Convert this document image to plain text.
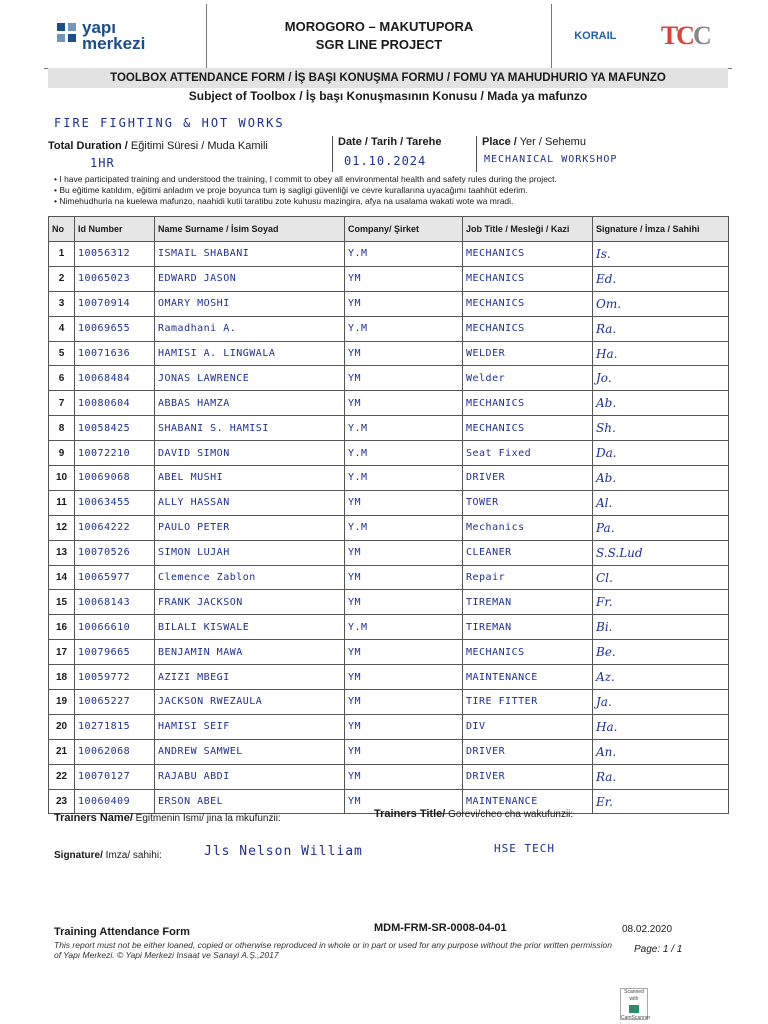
yapı
merkezi
MOROGORO – MAKUTUPORA
SGR LINE PROJECT
KORAIL TCC
TOOLBOX ATTENDANCE FORM / İŞ BAŞI KONUŞMA FORMU / FOMU YA MAHUDHURIO YA MAFUNZO
Subject of Toolbox / İş başı Konuşmasının Konusu / Mada ya mafunzo
FIRE FIGHTING & HOT WORKS
Total Duration / Eğitimi Süresi / Muda Kamili
1HR
Date / Tarih / Tarehe
01.10.2024
Place / Yer / Sehemu
MECHANICAL WORKSHOP
• I have participated training and understood the training, I commit to obey all environmental health and safety rules during the project.
• Bu eğitime katıldım, eğitimi anladım ve proje boyunca tum iş sagligi güvenliği ve cevre kurallarına uyacağımı taahhüt ederim.
• Nimehudhuria na kuelewa mafunzo, naahidi kutii taratibu zote kuhusu mazingira, afya na usalama wakati wote wa mradi.
No	Id Number	Name Surname / İsim Soyad	Company/ Şirket	Job Title / Mesleği / Kazi	Signature / İmza / Sahihi
1	10056312	ISMAIL SHABANI	Y.M	MECHANICS	Is.
2	10065023	EDWARD JASON	YM	MECHANICS	Ed.
3	10070914	OMARY MOSHI	YM	MECHANICS	Om.
4	10069655	Ramadhani A.	Y.M	MECHANICS	Ra.
5	10071636	HAMISI A. LINGWALA	YM	WELDER	Ha.
6	10068484	JONAS LAWRENCE	YM	Welder	Jo.
7	10080604	ABBAS HAMZA	YM	MECHANICS	Ab.
8	10058425	SHABANI S. HAMISI	Y.M	MECHANICS	Sh.
9	10072210	DAVID SIMON	Y.M	Seat Fixed	Da.
10	10069068	ABEL MUSHI	Y.M	DRIVER	Ab.
11	10063455	ALLY HASSAN	YM	TOWER	Al.
12	10064222	PAULO PETER	Y.M	Mechanics	Pa.
13	10070526	SIMON LUJAH	YM	CLEANER	S.S.Lud
14	10065977	Clemence Zablon	YM	Repair	Cl.
15	10068143	FRANK JACKSON	YM	TIREMAN	Fr.
16	10066610	BILALI KISWALE	Y.M	TIREMAN	Bi.
17	10079665	BENJAMIN MAWA	YM	MECHANICS	Be.
18	10059772	AZIZI MBEGI	YM	MAINTENANCE	Az.
19	10065227	JACKSON RWEZAULA	YM	TIRE FITTER	Ja.
20	10271815	HAMISI SEIF	YM	DIV	Ha.
21	10062068	ANDREW SAMWEL	YM	DRIVER	An.
22	10070127	RAJABU ABDI	YM	DRIVER	Ra.
23	10060409	ERSON ABEL	YM	MAINTENANCE	Er.
Trainers Name/ Egitmenin Ismi/ jina la mkufunzii:	Trainers Title/ Gorevi/cheo cha wakufunzii:
Signature/ Imza/ sahihi:	Jls Nelson William	HSE TECH
Training Attendance Form	MDM-FRM-SR-0008-04-01	08.02.2020
This report must not be either loaned, copied or otherwise reproduced in whole or in part or used for any purpose without the prior written permission of Yapı Merkezi. © Yapi Merkezi Insaat ve Sanayi A.Ş.,2017	Page: 1 / 1
Scanned with
CamScanner
